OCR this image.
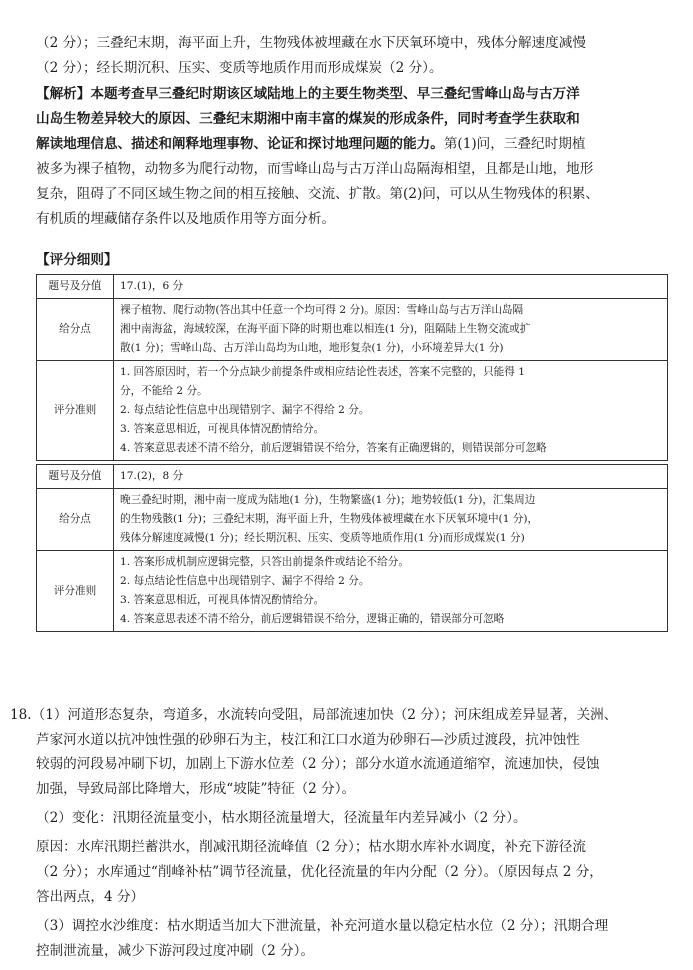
（2 分）；三叠纪末期，海平面上升，生物残体被埋藏在水下厌氧环境中，残体分解速度减慢
（2 分）；经长期沉积、压实、变质等地质作用而形成煤炭（2 分）。
【解析】本题考查早三叠纪时期该区域陆地上的主要生物类型、早三叠纪雪峰山岛与古万洋
山岛生物差异较大的原因、三叠纪末期湘中南丰富的煤炭的形成条件，同时考查学生获取和
解读地理信息、描述和阐释地理事物、论证和探讨地理问题的能力。第(1)问，三叠纪时期植
被多为裸子植物，动物多为爬行动物，而雪峰山岛与古万洋山岛隔海相望，且都是山地，地形
复杂，阻碍了不同区域生物之间的相互接触、交流、扩散。第(2)问，可以从生物残体的积累、
有机质的埋藏储存条件以及地质作用等方面分析。
【评分细则】
题号及分值	17.(1)，6 分
给分点	裸子植物、爬行动物(答出其中任意一个均可得 2 分)。原因：雪峰山岛与古万洋山岛隔
湘中南海盆，海域较深，在海平面下降的时期也难以相连(1 分)，阻隔陆上生物交流或扩
散(1 分)；雪峰山岛、古万洋山岛均为山地，地形复杂(1 分)，小环境差异大(1 分)

评分准则	1. 回答原因时，若一个分点缺少前提条件或相应结论性表述，答案不完整的，只能得 1
分，不能给 2 分。
2. 每点结论性信息中出现错别字、漏字不得给 2 分。
3. 答案意思相近，可视具体情况酌情给分。
4. 答案意思表述不清不给分，前后逻辑错误不给分，答案有正确逻辑的，则错误部分可忽略

题号及分值	17.(2)，8 分
给分点	晚三叠纪时期，湘中南一度成为陆地(1 分)，生物繁盛(1 分)；地势较低(1 分)，汇集周边
的生物残骸(1 分)；三叠纪末期，海平面上升，生物残体被埋藏在水下厌氧环境中(1 分)，
残体分解速度减慢(1 分)；经长期沉积、压实、变质等地质作用(1 分)而形成煤炭(1 分)

评分准则	1. 答案形成机制应逻辑完整，只答出前提条件或结论不给分。
2. 每点结论性信息中出现错别字、漏字不得给 2 分。
3. 答案意思相近，可视具体情况酌情给分。
4. 答案意思表述不清不给分，前后逻辑错误不给分，逻辑正确的，错误部分可忽略
18.（1）河道形态复杂，弯道多，水流转向受阻，局部流速加快（2 分）；河床组成差异显著，关洲、
芦家河水道以抗冲蚀性强的砂卵石为主，枝江和江口水道为砂卵石—沙质过渡段，抗冲蚀性
较弱的河段易冲刷下切，加剧上下游水位差（2 分）；部分水道水流通道缩窄，流速加快，侵蚀
加强，导致局部比降增大，形成“坡陡”特征（2 分）。
（2）变化：汛期径流量变小，枯水期径流量增大，径流量年内差异减小（2 分）。
原因：水库汛期拦蓄洪水，削减汛期径流峰值（2 分）；枯水期水库补水调度，补充下游径流
（2 分）；水库通过“削峰补枯”调节径流量，优化径流量的年内分配（2 分）。（原因每点 2 分，
答出两点，4 分）
（3）调控水沙维度：枯水期适当加大下泄流量，补充河道水量以稳定枯水位（2 分）；汛期合理
控制泄流量，减少下游河段过度冲刷（2 分）。
